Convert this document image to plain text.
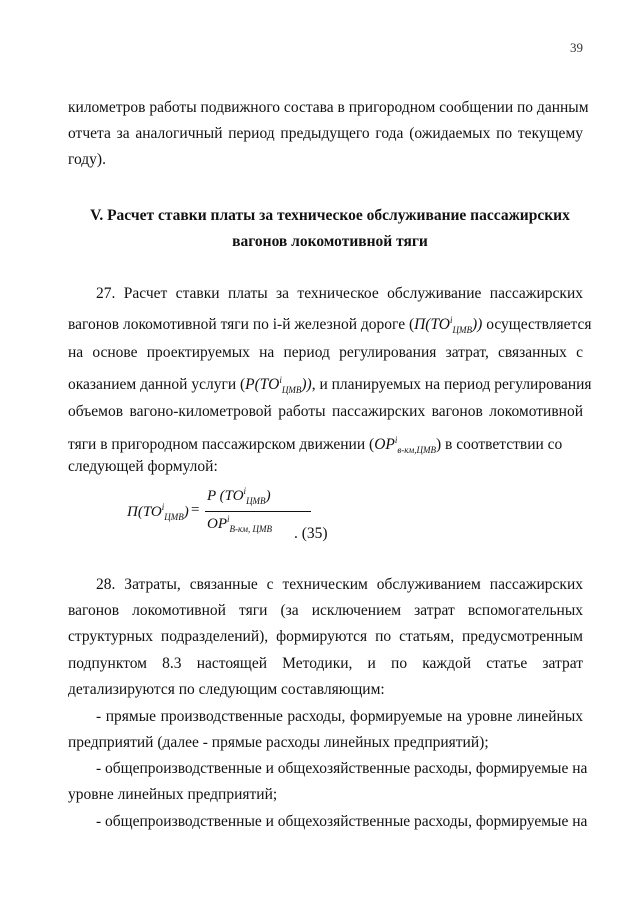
39
километров работы подвижного состава в пригородном сообщении по данным
отчета за аналогичный период предыдущего года (ожидаемых по текущему
году).
V. Расчет ставки платы за техническое обслуживание пассажирских
вагонов локомотивной тяги
27. Расчет ставки платы за техническое обслуживание пассажирских
вагонов локомотивной тяги по i-й железной дороге $(П(TO^i_{ЦМВ}))$ осуществляется
на основе проектируемых на период регулирования затрат, связанных с
оказанием данной услуги $(P(TO^i_{ЦМВ}))$, и планируемых на период регулирования
объемов вагоно-километровой работы пассажирских вагонов локомотивной
тяги в пригородном пассажирском движении $(OP^i_{в-км,ЦМВ})$ в соответствии со
следующей формулой:
$П(TO^i_{ЦМВ})$ =
P $(TO^i_{ЦМВ})$
$OP^i_{В-км, ЦМВ}$ . (35)
28. Затраты, связанные с техническим обслуживанием пассажирских
вагонов локомотивной тяги (за исключением затрат вспомогательных
структурных подразделений), формируются по статьям, предусмотренным
подпунктом 8.3 настоящей Методики, и по каждой статье затрат
детализируются по следующим составляющим:
- прямые производственные расходы, формируемые на уровне линейных
предприятий (далее - прямые расходы линейных предприятий);
- общепроизводственные и общехозяйственные расходы, формируемые на
уровне линейных предприятий;
- общепроизводственные и общехозяйственные расходы, формируемые на
